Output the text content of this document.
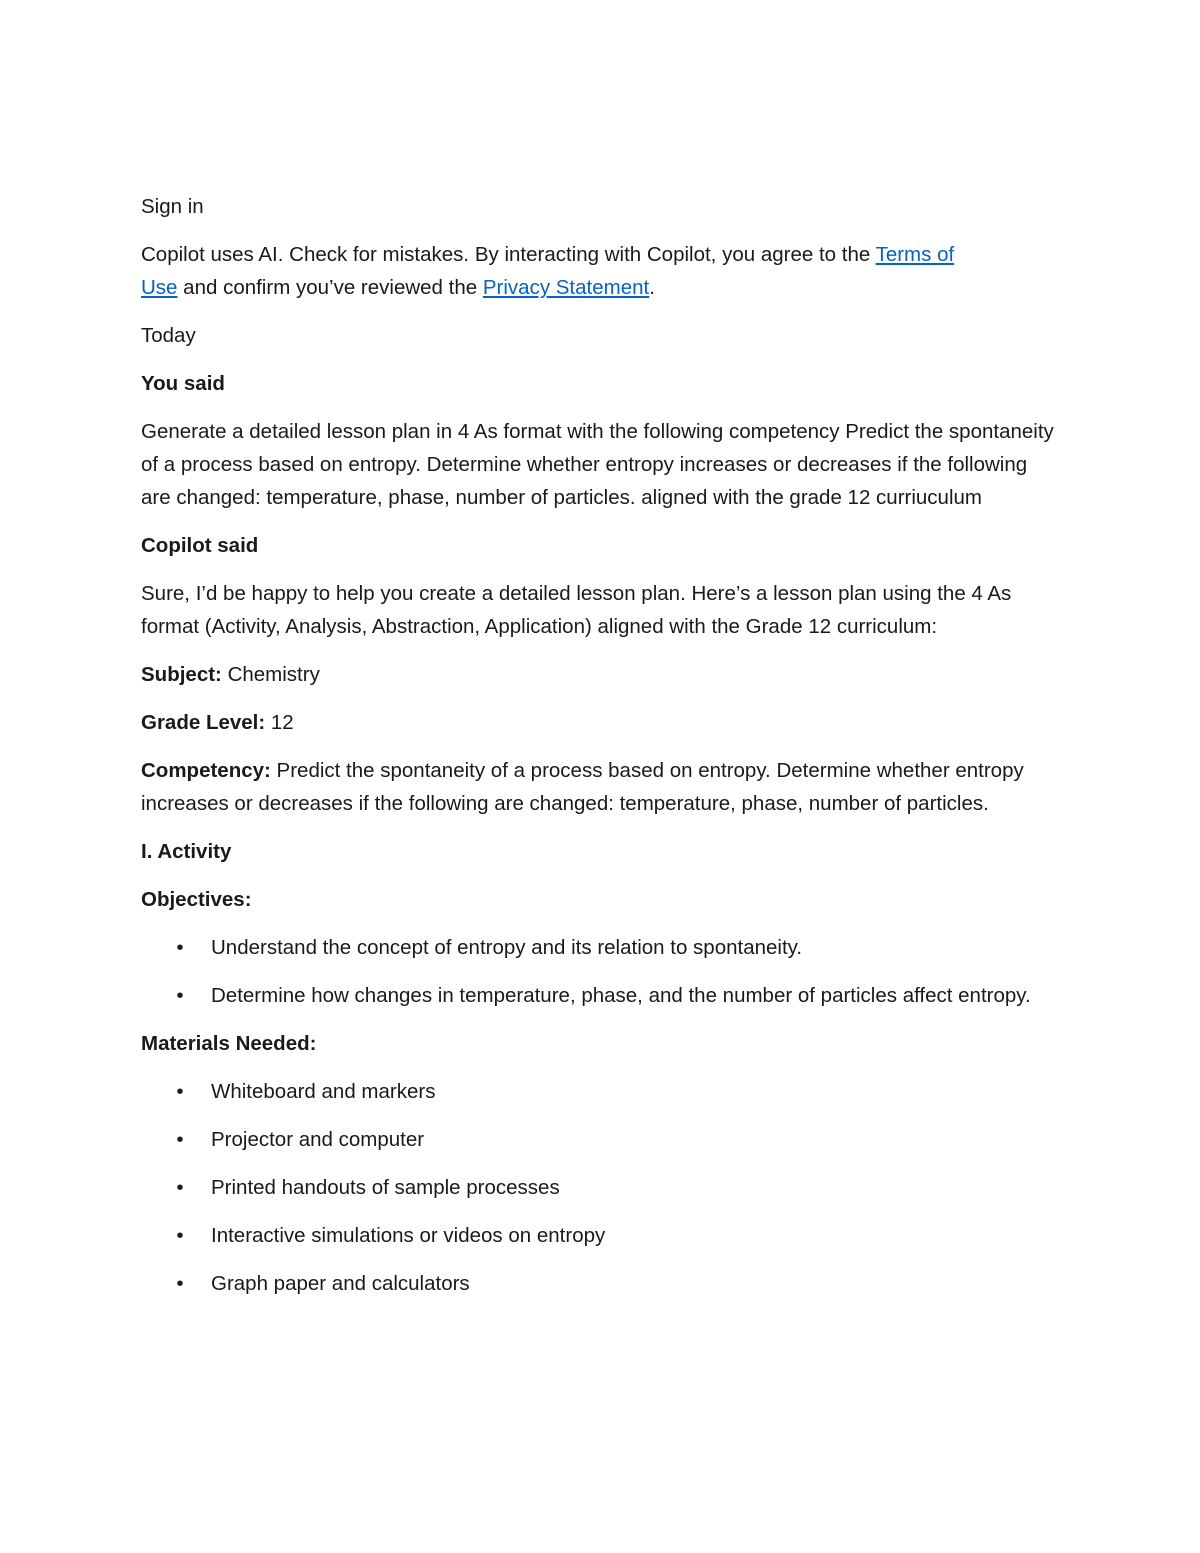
Sign in

Copilot uses AI. Check for mistakes. By interacting with Copilot, you agree to the Terms of
Use and confirm you’ve reviewed the Privacy Statement.

Today

You said

Generate a detailed lesson plan in 4 As format with the following competency Predict the spontaneity of a process based on entropy. Determine whether entropy increases or decreases if the following are changed: temperature, phase, number of particles. aligned with the grade 12 curriuculum

Copilot said

Sure, I’d be happy to help you create a detailed lesson plan. Here’s a lesson plan using the 4 As format (Activity, Analysis, Abstraction, Application) aligned with the Grade 12 curriculum:

Subject: Chemistry

Grade Level: 12

Competency: Predict the spontaneity of a process based on entropy. Determine whether entropy increases or decreases if the following are changed: temperature, phase, number of particles.

I. Activity

Objectives:

• Understand the concept of entropy and its relation to spontaneity.
• Determine how changes in temperature, phase, and the number of particles affect entropy.

Materials Needed:

• Whiteboard and markers
• Projector and computer
• Printed handouts of sample processes
• Interactive simulations or videos on entropy
• Graph paper and calculators
